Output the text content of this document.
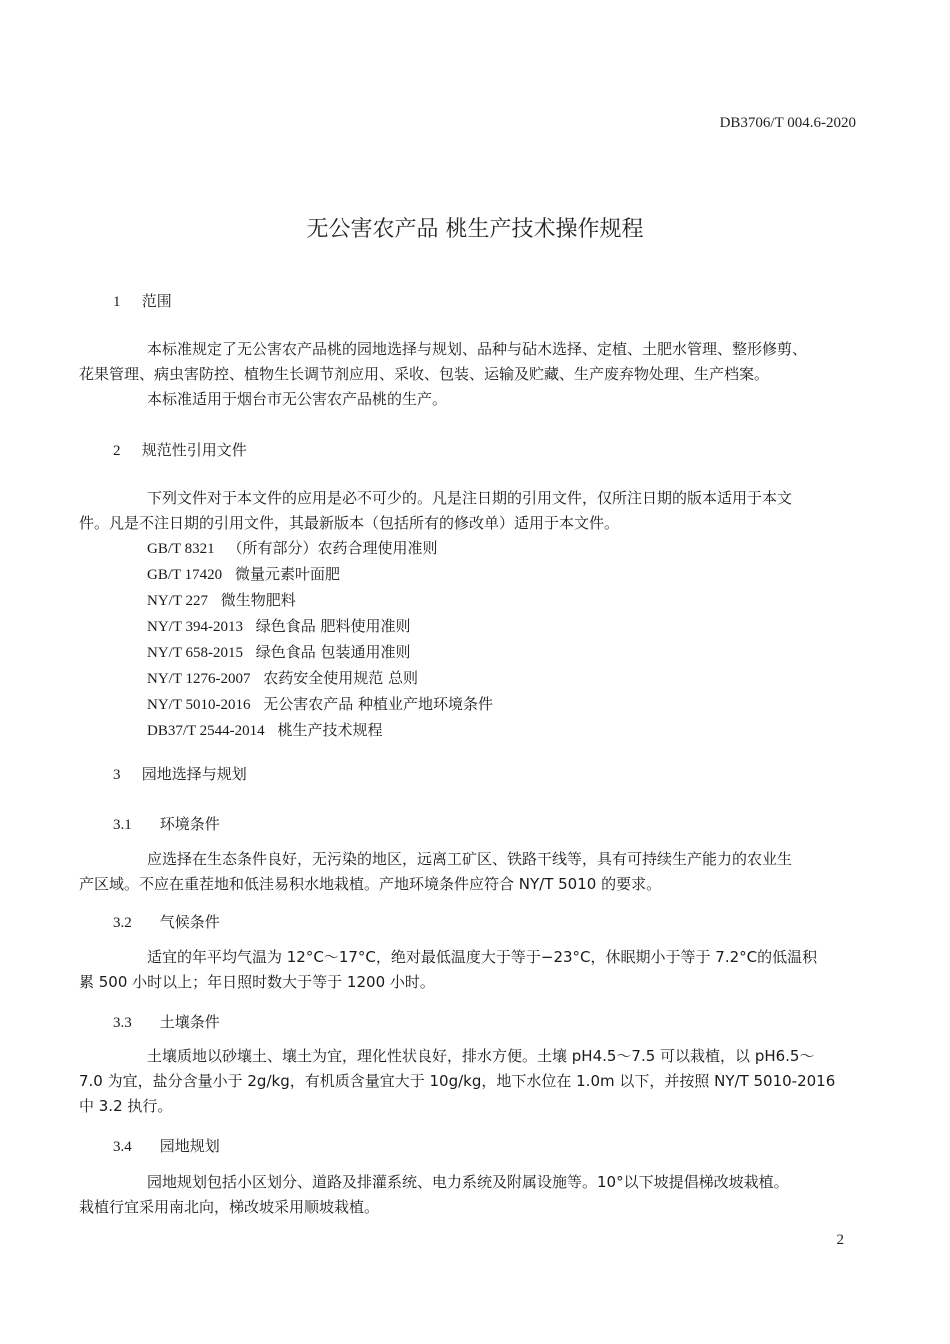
DB3706/T 004.6-2020
无公害农产品 桃生产技术操作规程
1 范围
本标准规定了无公害农产品桃的园地选择与规划、品种与砧木选择、定植、土肥水管理、整形修剪、
花果管理、病虫害防控、植物生长调节剂应用、采收、包装、运输及贮藏、生产废弃物处理、生产档案。
本标准适用于烟台市无公害农产品桃的生产。
2 规范性引用文件
下列文件对于本文件的应用是必不可少的。凡是注日期的引用文件，仅所注日期的版本适用于本文
件。凡是不注日期的引用文件，其最新版本（包括所有的修改单）适用于本文件。
GB/T 8321 （所有部分）农药合理使用准则
GB/T 17420 微量元素叶面肥
NY/T 227 微生物肥料
NY/T 394-2013 绿色食品 肥料使用准则
NY/T 658-2015 绿色食品 包装通用准则
NY/T 1276-2007 农药安全使用规范 总则
NY/T 5010-2016 无公害农产品 种植业产地环境条件
DB37/T 2544-2014 桃生产技术规程
3 园地选择与规划
3.1 环境条件
应选择在生态条件良好，无污染的地区，远离工矿区、铁路干线等，具有可持续生产能力的农业生
产区域。不应在重茬地和低洼易积水地栽植。产地环境条件应符合 NY/T 5010 的要求。
3.2 气候条件
适宜的年平均气温为 12°C～17°C，绝对最低温度大于等于−23°C，休眠期小于等于 7.2°C的低温积
累 500 小时以上；年日照时数大于等于 1200 小时。
3.3 土壤条件
土壤质地以砂壤土、壤土为宜，理化性状良好，排水方便。土壤 pH4.5～7.5 可以栽植，以 pH6.5～
7.0 为宜，盐分含量小于 2g/kg，有机质含量宜大于 10g/kg，地下水位在 1.0m 以下，并按照 NY/T 5010-2016
中 3.2 执行。
3.4 园地规划
园地规划包括小区划分、道路及排灌系统、电力系统及附属设施等。10°以下坡提倡梯改坡栽植。
栽植行宜采用南北向，梯改坡采用顺坡栽植。
2
